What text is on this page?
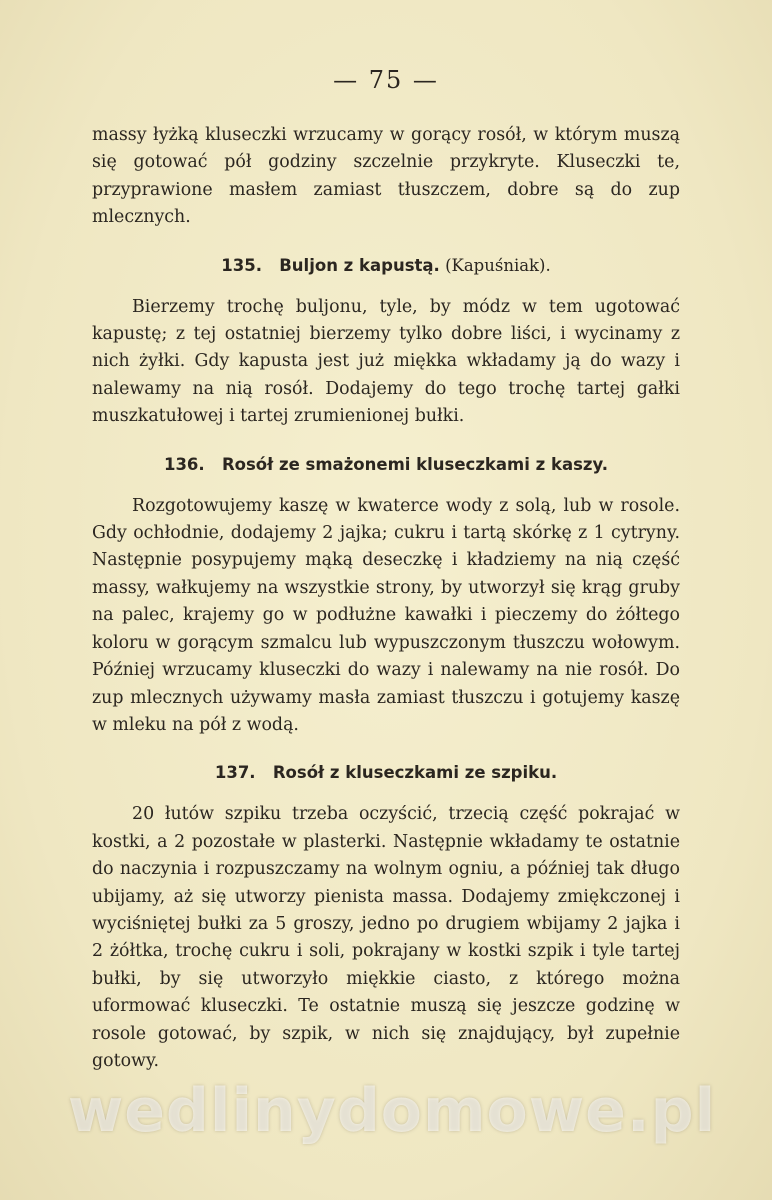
— 75 —

massy łyżką kluseczki wrzucamy w gorący rosół, w którym muszą się gotować pół godziny szczelnie przykryte. Kluseczki te, przyprawione masłem zamiast tłuszczem, dobre są do zup mlecznych.

135. Buljon z kapustą. (Kapuśniak).

Bierzemy trochę buljonu, tyle, by módz w tem ugotować kapustę; z tej ostatniej bierzemy tylko dobre liści, i wycinamy z nich żyłki. Gdy kapusta jest już miękka wkładamy ją do wazy i nalewamy na nią rosół. Dodajemy do tego trochę tartej gałki muszkatułowej i tartej zrumienionej bułki.

136. Rosół ze smażonemi kluseczkami z kaszy.

Rozgotowujemy kaszę w kwaterce wody z solą, lub w rosole. Gdy ochłodnie, dodajemy 2 jajka; cukru i tartą skórkę z 1 cytryny. Następnie posypujemy mąką deseczkę i kładziemy na nią część massy, wałkujemy na wszystkie strony, by utworzył się krąg gruby na palec, krajemy go w podłużne kawałki i pieczemy do żółtego koloru w gorącym szmalcu lub wypuszczonym tłuszczu wołowym. Później wrzucamy kluseczki do wazy i nalewamy na nie rosół. Do zup mlecznych używamy masła zamiast tłuszczu i gotujemy kaszę w mleku na pół z wodą.

137. Rosół z kluseczkami ze szpiku.

20 łutów szpiku trzeba oczyścić, trzecią część pokrajać w kostki, a 2 pozostałe w plasterki. Następnie wkładamy te ostatnie do naczynia i rozpuszczamy na wolnym ogniu, a później tak długo ubijamy, aż się utworzy pienista massa. Dodajemy zmiękczonej i wyciśniętej bułki za 5 groszy, jedno po drugiem wbijamy 2 jajka i 2 żółtka, trochę cukru i soli, pokrajany w kostki szpik i tyle tartej bułki, by się utworzyło miękkie ciasto, z którego można uformować kluseczki. Te ostatnie muszą się jeszcze godzinę w rosole gotować, by szpik, w nich się znajdujący, był zupełnie gotowy.

wedlinydomowe.pl
